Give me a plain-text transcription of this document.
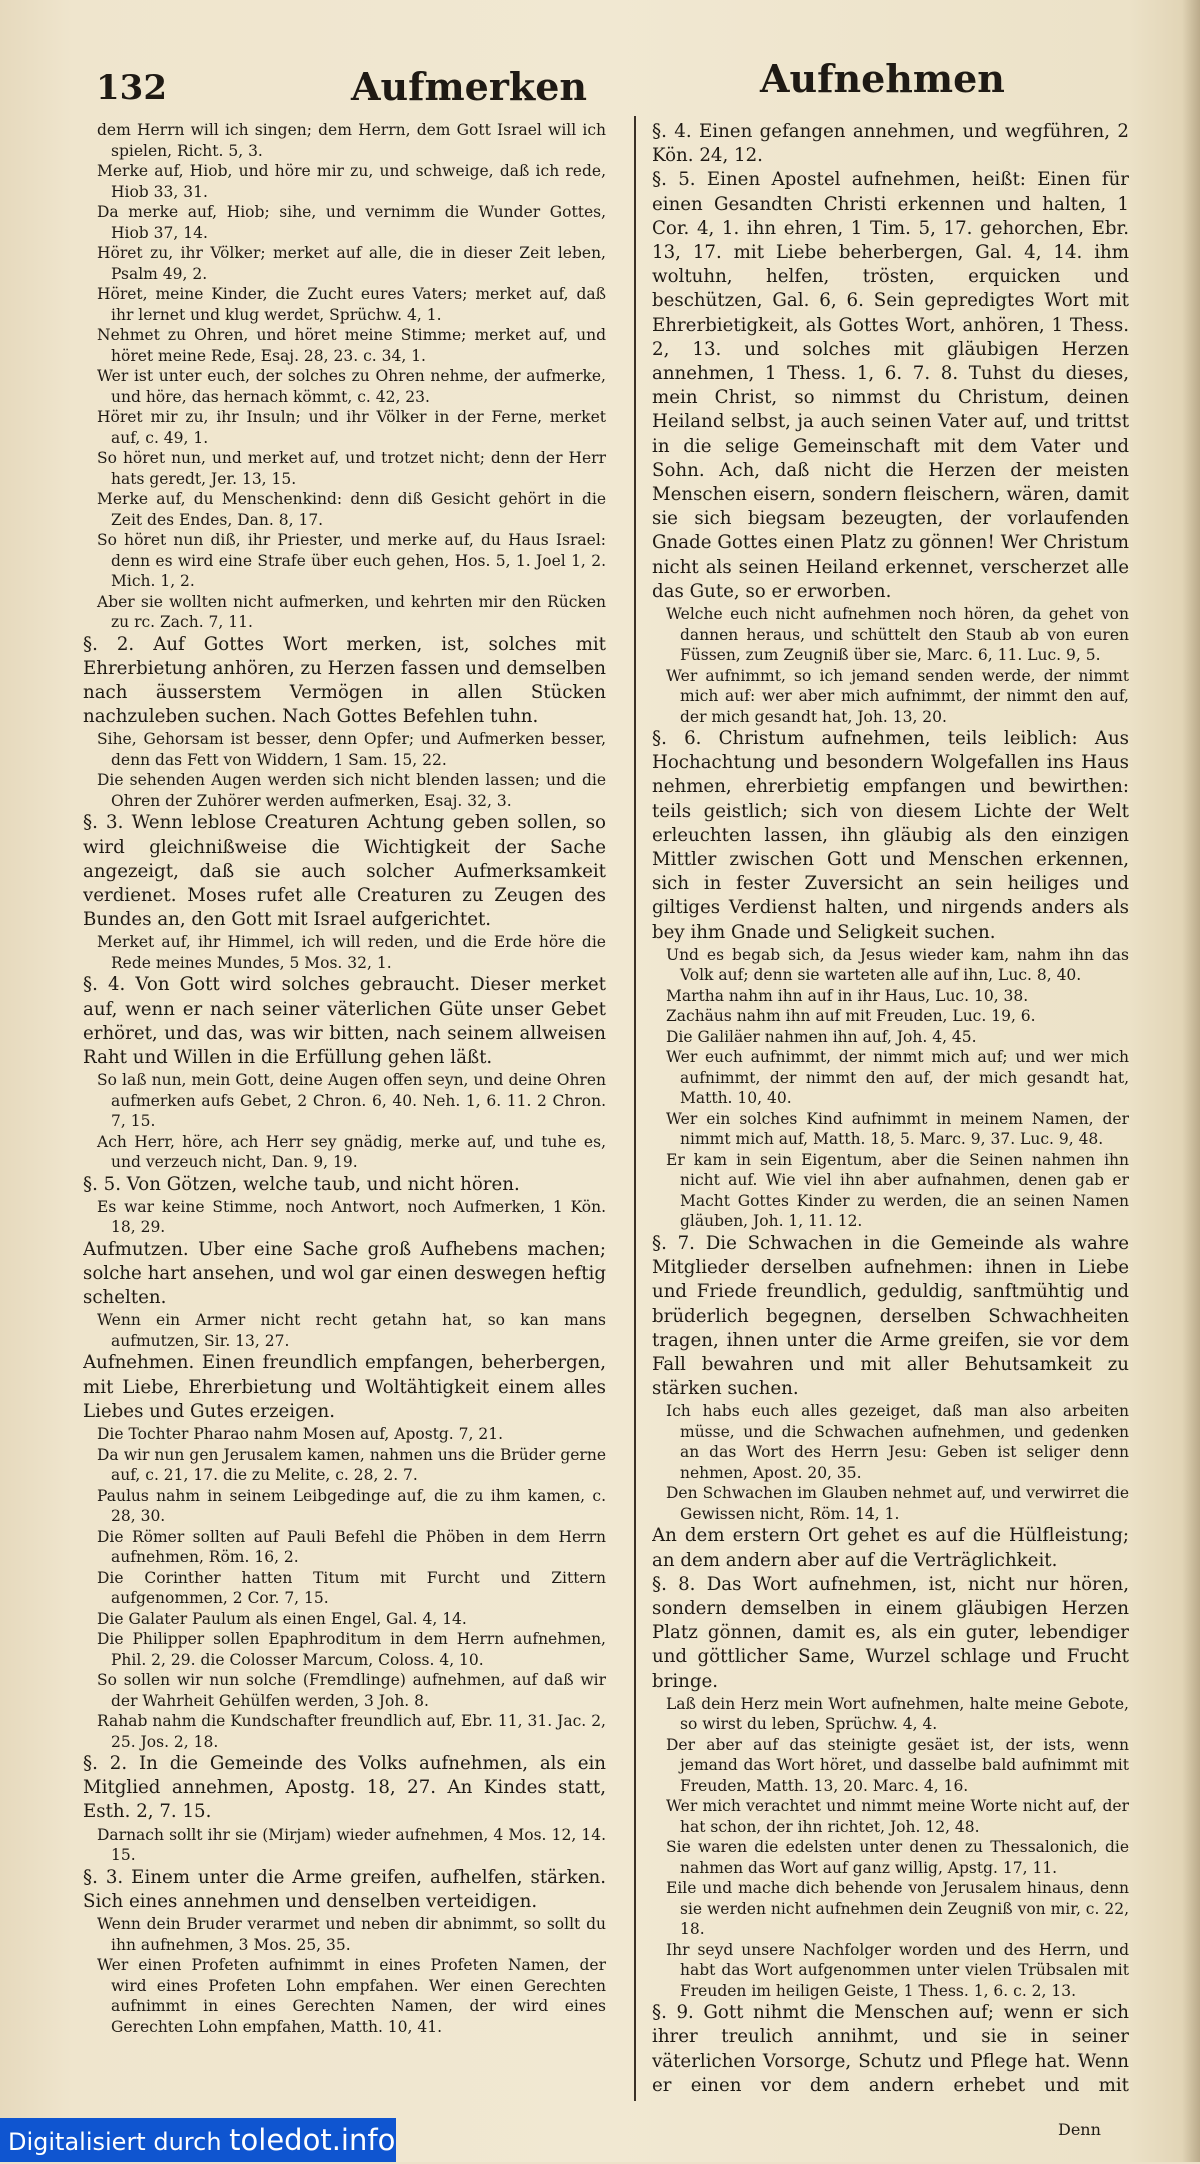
132	Aufmerken	Aufnehmen

dem Herrn will ich singen; dem Herrn, dem Gott Israel will ich spielen, Richt. 5, 3.

Merke auf, Hiob, und höre mir zu, und schweige, daß ich rede, Hiob 33, 31.

Da merke auf, Hiob; sihe, und vernimm die Wunder Gottes, Hiob 37, 14.

Höret zu, ihr Völker; merket auf alle, die in dieser Zeit leben, Psalm 49, 2.

Höret, meine Kinder, die Zucht eures Vaters; merket auf, daß ihr lernet und klug werdet, Sprüchw. 4, 1.

Nehmet zu Ohren, und höret meine Stimme; merket auf, und höret meine Rede, Esaj. 28, 23. c. 34, 1.

Wer ist unter euch, der solches zu Ohren nehme, der aufmerke, und höre, das hernach kömmt, c. 42, 23.

Höret mir zu, ihr Insuln; und ihr Völker in der Ferne, merket auf, c. 49, 1.

So höret nun, und merket auf, und trotzet nicht; denn der Herr hats geredt, Jer. 13, 15.

Merke auf, du Menschenkind: denn diß Gesicht gehört in die Zeit des Endes, Dan. 8, 17.

So höret nun diß, ihr Priester, und merke auf, du Haus Israel: denn es wird eine Strafe über euch gehen, Hos. 5, 1. Joel 1, 2. Mich. 1, 2.

Aber sie wollten nicht aufmerken, und kehrten mir den Rücken zu rc. Zach. 7, 11.

§. 2. Auf Gottes Wort merken, ist, solches mit Ehrerbietung anhören, zu Herzen fassen und demselben nach äusserstem Vermögen in allen Stücken nachzuleben suchen. Nach Gottes Befehlen tuhn.

Sihe, Gehorsam ist besser, denn Opfer; und Aufmerken besser, denn das Fett von Widdern, 1 Sam. 15, 22.

Die sehenden Augen werden sich nicht blenden lassen; und die Ohren der Zuhörer werden aufmerken, Esaj. 32, 3.

§. 3. Wenn leblose Creaturen Achtung geben sollen, so wird gleichnißweise die Wichtigkeit der Sache angezeigt, daß sie auch solcher Aufmerksamkeit verdienet. Moses rufet alle Creaturen zu Zeugen des Bundes an, den Gott mit Israel aufgerichtet.

Merket auf, ihr Himmel, ich will reden, und die Erde höre die Rede meines Mundes, 5 Mos. 32, 1.

§. 4. Von Gott wird solches gebraucht. Dieser merket auf, wenn er nach seiner väterlichen Güte unser Gebet erhöret, und das, was wir bitten, nach seinem allweisen Raht und Willen in die Erfüllung gehen läßt.

So laß nun, mein Gott, deine Augen offen seyn, und deine Ohren aufmerken aufs Gebet, 2 Chron. 6, 40. Neh. 1, 6. 11. 2 Chron. 7, 15.

Ach Herr, höre, ach Herr sey gnädig, merke auf, und tuhe es, und verzeuch nicht, Dan. 9, 19.

§. 5. Von Götzen, welche taub, und nicht hören.

Es war keine Stimme, noch Antwort, noch Aufmerken, 1 Kön. 18, 29.

Aufmutzen. Uber eine Sache groß Aufhebens machen; solche hart ansehen, und wol gar einen deswegen heftig schelten.

Wenn ein Armer nicht recht getahn hat, so kan mans aufmutzen, Sir. 13, 27.

Aufnehmen. Einen freundlich empfangen, beherbergen, mit Liebe, Ehrerbietung und Woltähtigkeit einem alles Liebes und Gutes erzeigen.

Die Tochter Pharao nahm Mosen auf, Apostg. 7, 21.

Da wir nun gen Jerusalem kamen, nahmen uns die Brüder gerne auf, c. 21, 17. die zu Melite, c. 28, 2. 7.

Paulus nahm in seinem Leibgedinge auf, die zu ihm kamen, c. 28, 30.

Die Römer sollten auf Pauli Befehl die Phöben in dem Herrn aufnehmen, Röm. 16, 2.

Die Corinther hatten Titum mit Furcht und Zittern aufgenommen, 2 Cor. 7, 15.

Die Galater Paulum als einen Engel, Gal. 4, 14.

Die Philipper sollen Epaphroditum in dem Herrn aufnehmen, Phil. 2, 29. die Colosser Marcum, Coloss. 4, 10.

So sollen wir nun solche (Fremdlinge) aufnehmen, auf daß wir der Wahrheit Gehülfen werden, 3 Joh. 8.

Rahab nahm die Kundschafter freundlich auf, Ebr. 11, 31. Jac. 2, 25. Jos. 2, 18.

§. 2. In die Gemeinde des Volks aufnehmen, als ein Mitglied annehmen, Apostg. 18, 27. An Kindes statt, Esth. 2, 7. 15.

Darnach sollt ihr sie (Mirjam) wieder aufnehmen, 4 Mos. 12, 14. 15.

§. 3. Einem unter die Arme greifen, aufhelfen, stärken. Sich eines annehmen und denselben verteidigen.

Wenn dein Bruder verarmet und neben dir abnimmt, so sollt du ihn aufnehmen, 3 Mos. 25, 35.

Wer einen Profeten aufnimmt in eines Profeten Namen, der wird eines Profeten Lohn empfahen. Wer einen Gerechten aufnimmt in eines Gerechten Namen, der wird eines Gerechten Lohn empfahen, Matth. 10, 41.

§. 4. Einen gefangen annehmen, und wegführen, 2 Kön. 24, 12.

§. 5. Einen Apostel aufnehmen, heißt: Einen für einen Gesandten Christi erkennen und halten, 1 Cor. 4, 1. ihn ehren, 1 Tim. 5, 17. gehorchen, Ebr. 13, 17. mit Liebe beherbergen, Gal. 4, 14. ihm woltuhn, helfen, trösten, erquicken und beschützen, Gal. 6, 6. Sein gepredigtes Wort mit Ehrerbietigkeit, als Gottes Wort, anhören, 1 Thess. 2, 13. und solches mit gläubigen Herzen annehmen, 1 Thess. 1, 6. 7. 8. Tuhst du dieses, mein Christ, so nimmst du Christum, deinen Heiland selbst, ja auch seinen Vater auf, und trittst in die selige Gemeinschaft mit dem Vater und Sohn. Ach, daß nicht die Herzen der meisten Menschen eisern, sondern fleischern, wären, damit sie sich biegsam bezeugten, der vorlaufenden Gnade Gottes einen Platz zu gönnen! Wer Christum nicht als seinen Heiland erkennet, verscherzet alle das Gute, so er erworben.

Welche euch nicht aufnehmen noch hören, da gehet von dannen heraus, und schüttelt den Staub ab von euren Füssen, zum Zeugniß über sie, Marc. 6, 11. Luc. 9, 5.

Wer aufnimmt, so ich jemand senden werde, der nimmt mich auf: wer aber mich aufnimmt, der nimmt den auf, der mich gesandt hat, Joh. 13, 20.

§. 6. Christum aufnehmen, teils leiblich: Aus Hochachtung und besondern Wolgefallen ins Haus nehmen, ehrerbietig empfangen und bewirthen: teils geistlich; sich von diesem Lichte der Welt erleuchten lassen, ihn gläubig als den einzigen Mittler zwischen Gott und Menschen erkennen, sich in fester Zuversicht an sein heiliges und giltiges Verdienst halten, und nirgends anders als bey ihm Gnade und Seligkeit suchen.

Und es begab sich, da Jesus wieder kam, nahm ihn das Volk auf; denn sie warteten alle auf ihn, Luc. 8, 40.

Martha nahm ihn auf in ihr Haus, Luc. 10, 38.

Zachäus nahm ihn auf mit Freuden, Luc. 19, 6.

Die Galiläer nahmen ihn auf, Joh. 4, 45.

Wer euch aufnimmt, der nimmt mich auf; und wer mich aufnimmt, der nimmt den auf, der mich gesandt hat, Matth. 10, 40.

Wer ein solches Kind aufnimmt in meinem Namen, der nimmt mich auf, Matth. 18, 5. Marc. 9, 37. Luc. 9, 48.

Er kam in sein Eigentum, aber die Seinen nahmen ihn nicht auf. Wie viel ihn aber aufnahmen, denen gab er Macht Gottes Kinder zu werden, die an seinen Namen gläuben, Joh. 1, 11. 12.

§. 7. Die Schwachen in die Gemeinde als wahre Mitglieder derselben aufnehmen: ihnen in Liebe und Friede freundlich, geduldig, sanftmühtig und brüderlich begegnen, derselben Schwachheiten tragen, ihnen unter die Arme greifen, sie vor dem Fall bewahren und mit aller Behutsamkeit zu stärken suchen.

Ich habs euch alles gezeiget, daß man also arbeiten müsse, und die Schwachen aufnehmen, und gedenken an das Wort des Herrn Jesu: Geben ist seliger denn nehmen, Apost. 20, 35.

Den Schwachen im Glauben nehmet auf, und verwirret die Gewissen nicht, Röm. 14, 1.

An dem erstern Ort gehet es auf die Hülfleistung; an dem andern aber auf die Verträglichkeit.

§. 8. Das Wort aufnehmen, ist, nicht nur hören, sondern demselben in einem gläubigen Herzen Platz gönnen, damit es, als ein guter, lebendiger und göttlicher Same, Wurzel schlage und Frucht bringe.

Laß dein Herz mein Wort aufnehmen, halte meine Gebote, so wirst du leben, Sprüchw. 4, 4.

Der aber auf das steinigte gesäet ist, der ists, wenn jemand das Wort höret, und dasselbe bald aufnimmt mit Freuden, Matth. 13, 20. Marc. 4, 16.

Wer mich verachtet und nimmt meine Worte nicht auf, der hat schon, der ihn richtet, Joh. 12, 48.

Sie waren die edelsten unter denen zu Thessalonich, die nahmen das Wort auf ganz willig, Apstg. 17, 11.

Eile und mache dich behende von Jerusalem hinaus, denn sie werden nicht aufnehmen dein Zeugniß von mir, c. 22, 18.

Ihr seyd unsere Nachfolger worden und des Herrn, und habt das Wort aufgenommen unter vielen Trübsalen mit Freuden im heiligen Geiste, 1 Thess. 1, 6. c. 2, 13.

§. 9. Gott nihmt die Menschen auf; wenn er sich ihrer treulich annihmt, und sie in seiner väterlichen Vorsorge, Schutz und Pflege hat. Wenn er einen vor dem andern erhebet und mit

Denn
Digitalisiert durch toledot.info
